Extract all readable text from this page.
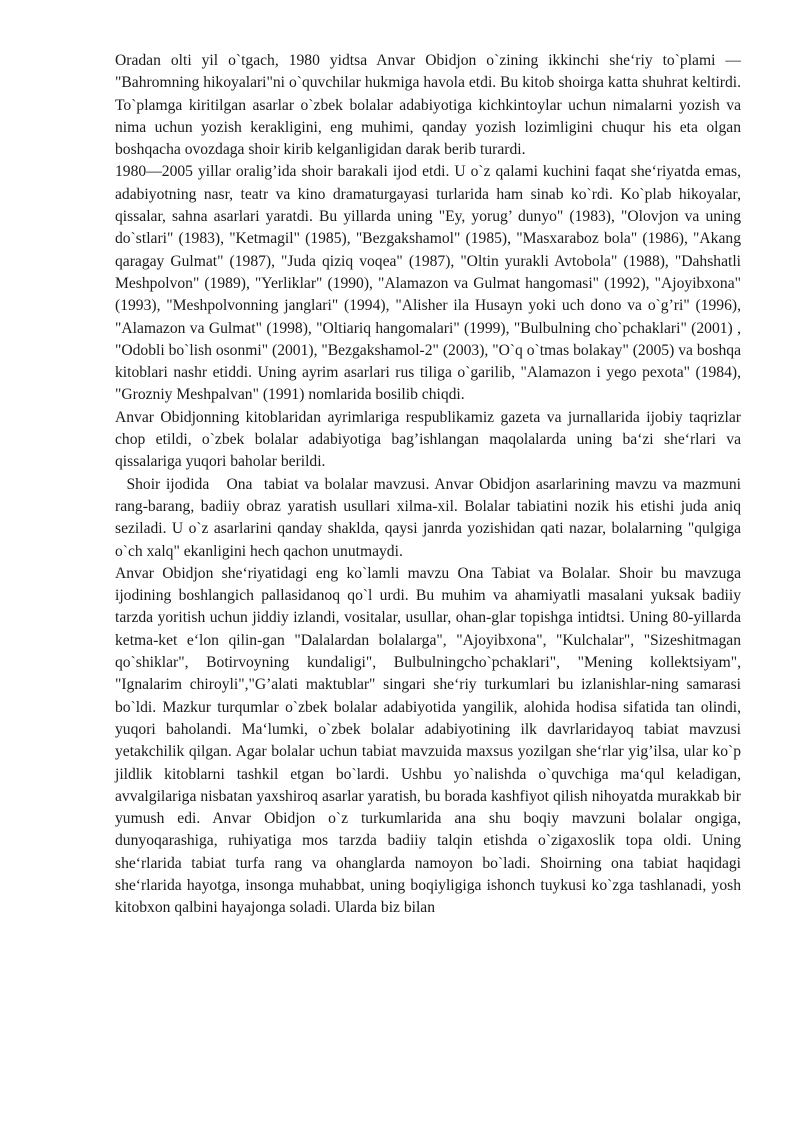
Oradan olti yil o`tgach, 1980 yidtsa Anvar Obidjon o`zining ikkinchi she‘riy to`plami — "Bahromning hikoyalari"ni o`quvchilar hukmiga havola etdi. Bu kitob shoirga katta shuhrat keltirdi. To`plamga kiritilgan asarlar o`zbek bolalar adabiyotiga kichkintoylar uchun nimalarni yozish va nima uchun yozish kerakligini, eng muhimi, qanday yozish lozimligini chuqur his eta olgan boshqacha ovozdaga shoir kirib kelganligidan darak berib turardi.

1980—2005 yillar oralig’ida shoir barakali ijod etdi. U o`z qalami kuchini faqat she‘riyatda emas, adabiyotning nasr, teatr va kino dramaturgayasi turlarida ham sinab ko`rdi. Ko`plab hikoyalar, qissalar, sahna asarlari yaratdi. Bu yillarda uning "Ey, yorug’ dunyo" (1983), "Olovjon va uning do`stlari" (1983), "Ketmagil" (1985), "Bezgakshamol" (1985), "Masxaraboz bola" (1986), "Akang qaragay Gulmat" (1987), "Juda qiziq voqea" (1987), "Oltin yurakli Avtobola" (1988), "Dahshatli Meshpolvon" (1989), "Yerliklar" (1990), "Alamazon va Gulmat hangomasi" (1992), "Ajoyibxona" (1993), "Meshpolvonning janglari" (1994), "Alisher ila Husayn yoki uch dono va o`g’ri" (1996), "Alamazon va Gulmat" (1998), "Oltiariq hangomalari" (1999), "Bulbulning cho`pchaklari" (2001) , "Odobli bo`lish osonmi" (2001), "Bezgakshamol-2" (2003), "O`q o`tmas bolakay" (2005) va boshqa kitoblari nashr etiddi. Uning ayrim asarlari rus tiliga o`garilib, "Alamazon i yego pexota" (1984), "Grozniy Meshpalvan" (1991) nomlarida bosilib chiqdi.

Anvar Obidjonning kitoblaridan ayrimlariga respublikamiz gazeta va jurnallarida ijobiy taqrizlar chop etildi, o`zbek bolalar adabiyotiga bag’ishlangan maqolalarda uning ba‘zi she‘rlari va qissalariga yuqori baholar berildi.

Shoir ijodida   Ona  tabiat va bolalar mavzusi. Anvar Obidjon asarlarining mavzu va mazmuni rang-barang, badiiy obraz yaratish usullari xilma-xil. Bolalar tabiatini nozik his etishi juda aniq seziladi. U o`z asarlarini qanday shaklda, qaysi janrda yozishidan qati nazar, bolalarning "qulgiga o`ch xalq" ekanligini hech qachon unutmaydi.

Anvar Obidjon she‘riyatidagi eng ko`lamli mavzu Ona Tabiat va Bolalar. Shoir bu mavzuga ijodining boshlangich pallasidanoq qo`l urdi. Bu muhim va ahamiyatli masalani yuksak badiiy tarzda yoritish uchun jiddiy izlandi, vositalar, usullar, ohan-glar topishga intidtsi. Uning 80-yillarda ketma-ket e‘lon qilin-gan "Dalalardan bolalarga", "Ajoyibxona", "Kulchalar", "Sizeshitmagan qo`shiklar", Botirvoyning kundaligi", Bulbulningcho`pchaklari", "Mening kollektsiyam", "Ignalarim chiroyli","G’alati maktublar" singari she‘riy turkumlari bu izlanishlar-ning samarasi bo`ldi. Mazkur turqumlar o`zbek bolalar adabiyotida yangilik, alohida hodisa sifatida tan olindi, yuqori baholandi. Ma‘lumki, o`zbek bolalar adabiyotining ilk davrlaridayoq tabiat mavzusi yetakchilik qilgan. Agar bolalar uchun tabiat mavzuida maxsus yozilgan she‘rlar yig’ilsa, ular ko`p jildlik kitoblarni tashkil etgan bo`lardi. Ushbu yo`nalishda o`quvchiga ma‘qul keladigan, avvalgilariga nisbatan yaxshiroq asarlar yaratish, bu borada kashfiyot qilish nihoyatda murakkab bir yumush edi. Anvar Obidjon o`z turkumlarida ana shu boqiy mavzuni bolalar ongiga, dunyoqarashiga, ruhiyatiga mos tarzda badiiy talqin etishda o`zigaxoslik topa oldi. Uning she‘rlarida tabiat turfa rang va ohanglarda namoyon bo`ladi. Shoirning ona tabiat haqidagi she‘rlarida hayotga, insonga muhabbat, uning boqiyligiga ishonch tuykusi ko`zga tashlanadi, yosh kitobxon qalbini hayajonga soladi. Ularda biz bilan
